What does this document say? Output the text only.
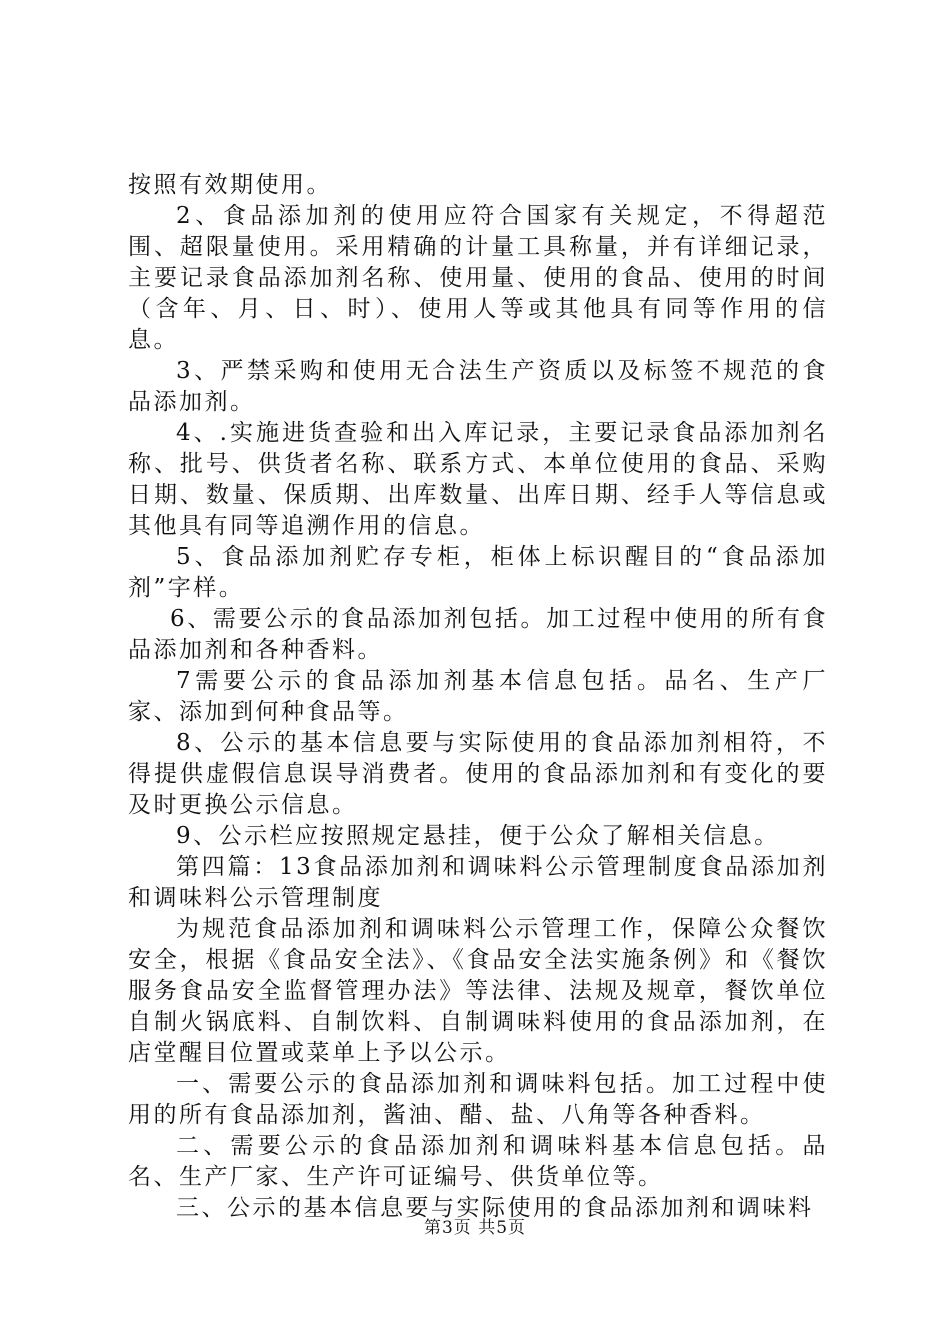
按照有效期使用。

2、食品添加剂的使用应符合国家有关规定，不得超范围、超限量使用。采用精确的计量工具称量，并有详细记录，主要记录食品添加剂名称、使用量、使用的食品、使用的时间（含年、月、日、时）、使用人等或其他具有同等作用的信息。

3、严禁采购和使用无合法生产资质以及标签不规范的食品添加剂。

4、.实施进货查验和出入库记录，主要记录食品添加剂名称、批号、供货者名称、联系方式、本单位使用的食品、采购日期、数量、保质期、出库数量、出库日期、经手人等信息或其他具有同等追溯作用的信息。

5、食品添加剂贮存专柜，柜体上标识醒目的“食品添加剂”字样。

6、需要公示的食品添加剂包括。加工过程中使用的所有食品添加剂和各种香料。

7需要公示的食品添加剂基本信息包括。品名、生产厂家、添加到何种食品等。

8、公示的基本信息要与实际使用的食品添加剂相符，不得提供虚假信息误导消费者。使用的食品添加剂和有变化的要及时更换公示信息。

9、公示栏应按照规定悬挂，便于公众了解相关信息。

第四篇：13食品添加剂和调味料公示管理制度食品添加剂和调味料公示管理制度

为规范食品添加剂和调味料公示管理工作，保障公众餐饮安全，根据《食品安全法》、《食品安全法实施条例》和《餐饮服务食品安全监督管理办法》等法律、法规及规章，餐饮单位自制火锅底料、自制饮料、自制调味料使用的食品添加剂，在店堂醒目位置或菜单上予以公示。

一、需要公示的食品添加剂和调味料包括。加工过程中使用的所有食品添加剂，酱油、醋、盐、八角等各种香料。

二、需要公示的食品添加剂和调味料基本信息包括。品名、生产厂家、生产许可证编号、供货单位等。

三、公示的基本信息要与实际使用的食品添加剂和调味料

第3页 共5页
